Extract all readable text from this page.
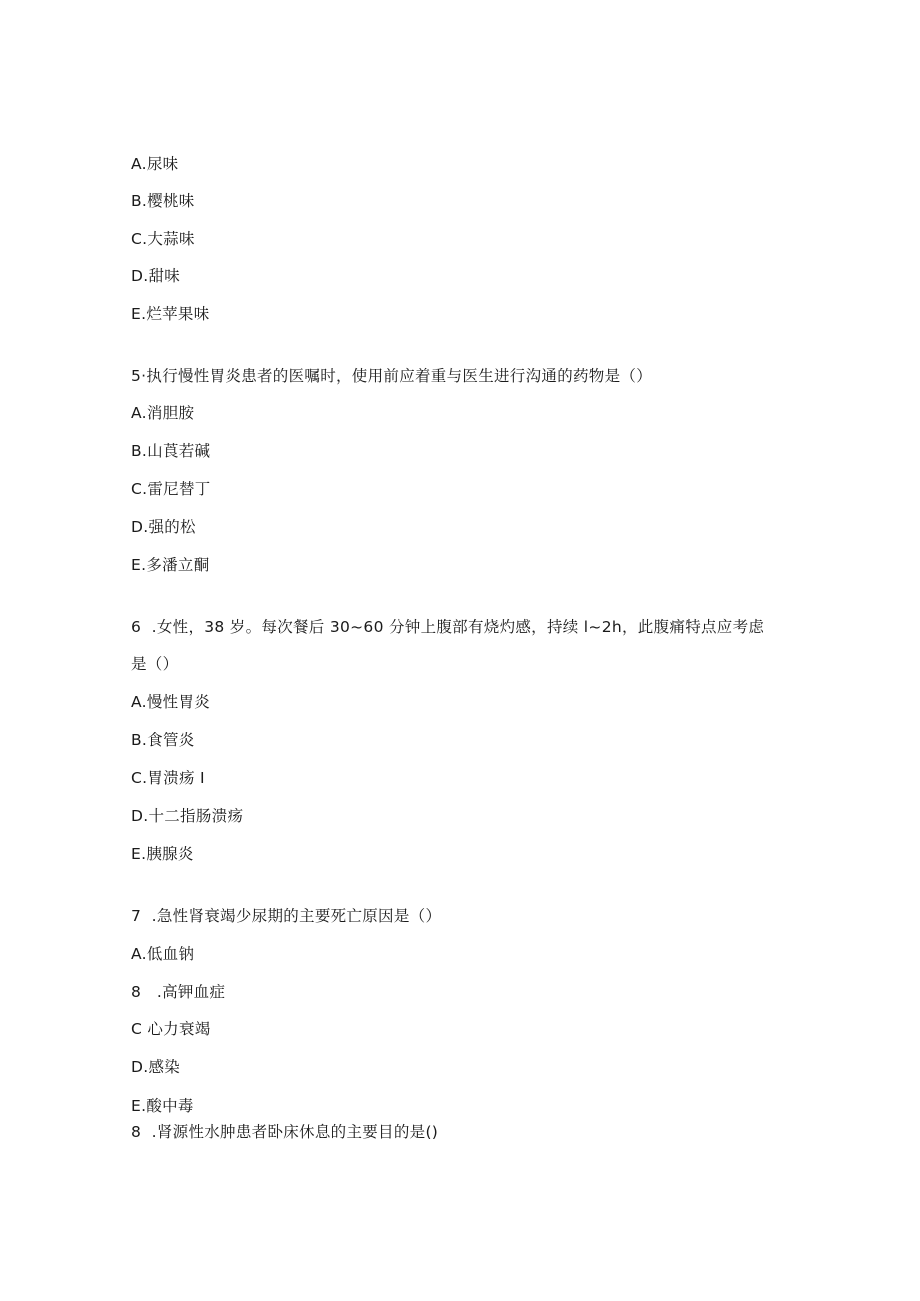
A.尿味
B.樱桃味
C.大蒜味
D.甜味
E.烂苹果味
5·执行慢性胃炎患者的医嘱时，使用前应着重与医生进行沟通的药物是（）
A.消胆胺
B.山莨若碱
C.雷尼替丁
D.强的松
E.多潘立酮
6  .女性，38 岁。每次餐后 30~60 分钟上腹部有烧灼感，持续 l~2h，此腹痛特点应考虑
是（）
A.慢性胃炎
B.食管炎
C.胃溃疡 I
D.十二指肠溃疡
E.胰腺炎
7  .急性肾衰竭少尿期的主要死亡原因是（）
A.低血钠
8   .高钾血症
C 心力衰竭
D.感染
E.酸中毒
8  .肾源性水肿患者卧床休息的主要目的是()
